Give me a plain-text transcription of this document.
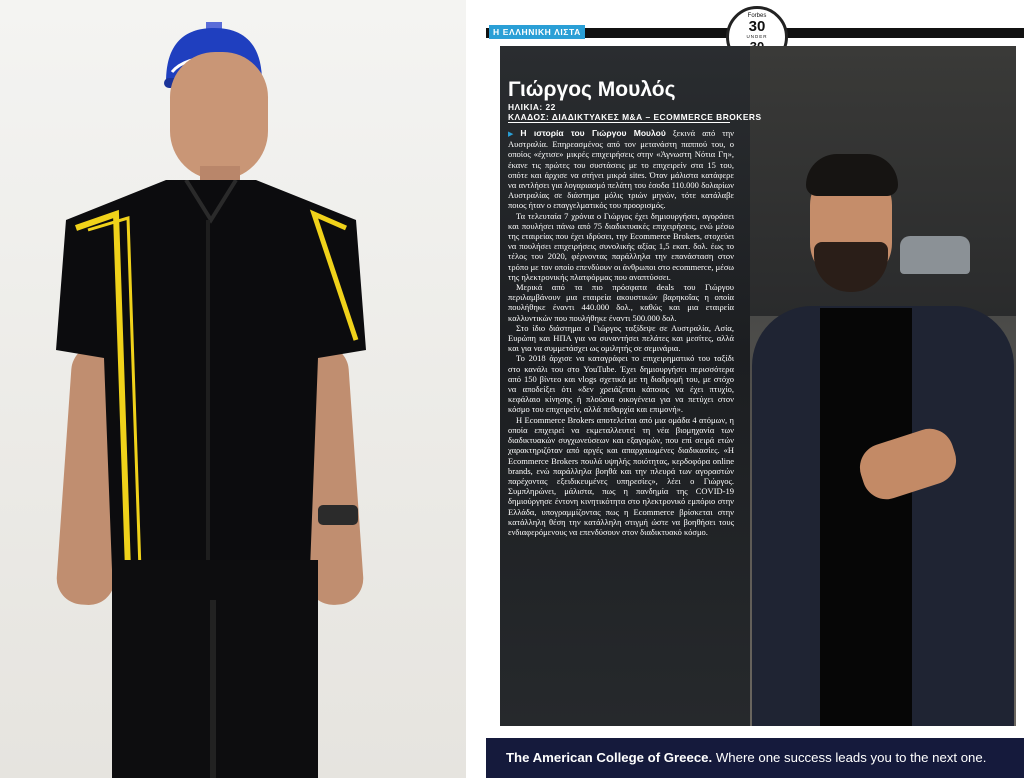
Η ΕΛΛΗΝΙΚΗ ΛΙΣΤΑ
Forbes
30
UNDER
Γιώργος Μουλός
ΗΛΙΚΙΑ: 22
ΚΛΑΔΟΣ: ΔΙΑΔΙΚΤΥΑΚΕΣ Μ&Α – ECOMMERCE BROKERS

▶ Η ιστορία του Γιώργου Μουλού ξεκινά από την Αυστραλία. Επηρεασμένος από τον μετανάστη παππού του, ο οποίος «έχτισε» μικρές επιχειρήσεις στην «Άγνωστη Νότια Γη», έκανε τις πρώτες του συστάσεις με το επιχειρείν στα 15 του, οπότε και άρχισε να στήνει μικρά sites. Όταν μάλιστα κατάφερε να αντλήσει για λογαριασμό πελάτη του έσοδα 110.000 δολαρίων Αυστραλίας σε διάστημα μόλις τριών μηνών, τότε κατάλαβε ποιος ήταν ο επαγγελματικός του προορισμός.

Τα τελευταία 7 χρόνια ο Γιώργος έχει δημιουργήσει, αγοράσει και πουλήσει πάνω από 75 διαδικτυακές επιχειρήσεις, ενώ μέσω της εταιρείας που έχει ιδρύσει, την Ecommerce Brokers, στοχεύει να πουλήσει επιχειρήσεις συνολικής αξίας 1,5 εκατ. δολ. έως το τέλος του 2020, φέρνοντας παράλληλα την επανάσταση στον τρόπο με τον οποίο επενδύουν οι άνθρωποι στο ecommerce, μέσω της ηλεκτρονικής πλατφόρμας που αναπτύσσει.

Μερικά από τα πιο πρόσφατα deals του Γιώργου περιλαμβάνουν μια εταιρεία ακουστικών βαρηκοΐας η οποία πουλήθηκε έναντι 440.000 δολ., καθώς και μια εταιρεία καλλυντικών που πουλήθηκε έναντι 500.000 δολ.

Στο ίδιο διάστημα ο Γιώργος ταξίδεψε σε Αυστραλία, Ασία, Ευρώπη και ΗΠΑ για να συναντήσει πελάτες και μεσίτες, αλλά και για να συμμετάσχει ως ομιλητής σε σεμινάρια.

Το 2018 άρχισε να καταγράφει το επιχειρηματικό του ταξίδι στο κανάλι του στο YouTube. Έχει δημιουργήσει περισσότερα από 150 βίντεο και vlogs σχετικά με τη διαδρομή του, με στόχο να αποδείξει ότι «δεν χρειάζεται κάποιος να έχει πτυχίο, κεφάλαιο κίνησης ή πλούσια οικογένεια για να πετύχει στον κόσμο του επιχειρείν, αλλά πεθαρχία και επιμονή».

Η Ecommerce Brokers αποτελείται από μια ομάδα 4 ατόμων, η οποία επιχειρεί να εκμεταλλευτεί τη νέα βιομηχανία των διαδικτυακών συγχωνεύσεων και εξαγορών, που επί σειρά ετών χαρακτηριζόταν από αργές και απαρχαιωμένες διαδικασίες. «Η Ecommerce Brokers πουλά υψηλής ποιότητας, κερδοφόρα online brands, ενώ παράλληλα βοηθά και την πλευρά των αγοραστών παρέχοντας εξειδικευμένες υπηρεσίες», λέει ο Γιώργος. Συμπληρώνει, μάλιστα, πως η πανδημία της COVID-19 δημιούργησε έντονη κινητικότητα στο ηλεκτρονικό εμπόριο στην Ελλάδα, υπογραμμίζοντας πως η Ecommerce βρίσκεται στην κατάλληλη θέση την κατάλληλη στιγμή ώστε να βοηθήσει τους ενδιαφερόμενους να επενδύσουν στον διαδικτυακό κόσμο.

The American College of Greece. Where one success leads you to the next one.
